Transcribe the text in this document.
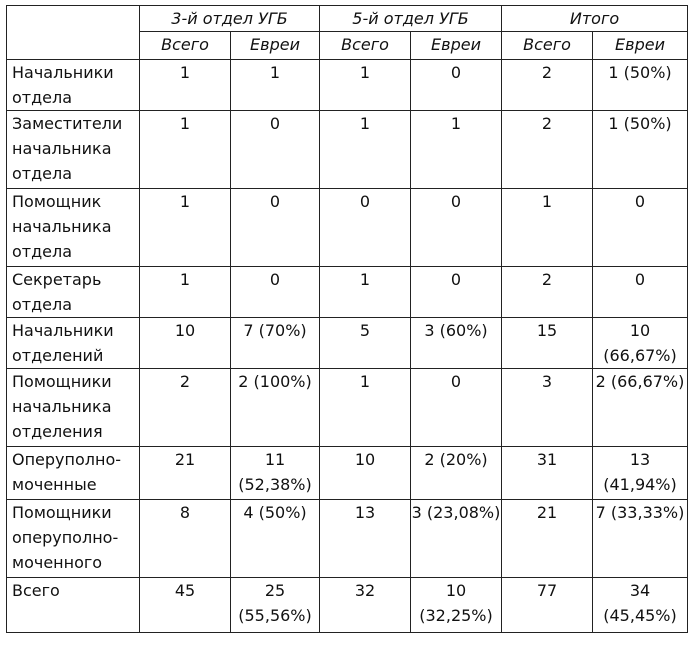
	3-й отдел УГБ		5-й отдел УГБ		Итого	
	Всего	Евреи	Всего	Евреи	Всего	Евреи
Начальники отдела	1	1	1	0	2	1 (50%)
Заместители начальника отдела	1	0	1	1	2	1 (50%)
Помощник начальника отдела	1	0	0	0	1	0
Секретарь отдела	1	0	1	0	2	0
Начальники отделений	10	7 (70%)	5	3 (60%)	15	10 (66,67%)
Помощники начальника отделения	2	2 (100%)	1	0	3	2 (66,67%)
Оперуполно-моченные	21	11 (52,38%)	10	2 (20%)	31	13 (41,94%)
Помощники оперуполно-моченного	8	4 (50%)	13	3 (23,08%)	21	7 (33,33%)
Всего	45	25 (55,56%)	32	10 (32,25%)	77	34 (45,45%)
